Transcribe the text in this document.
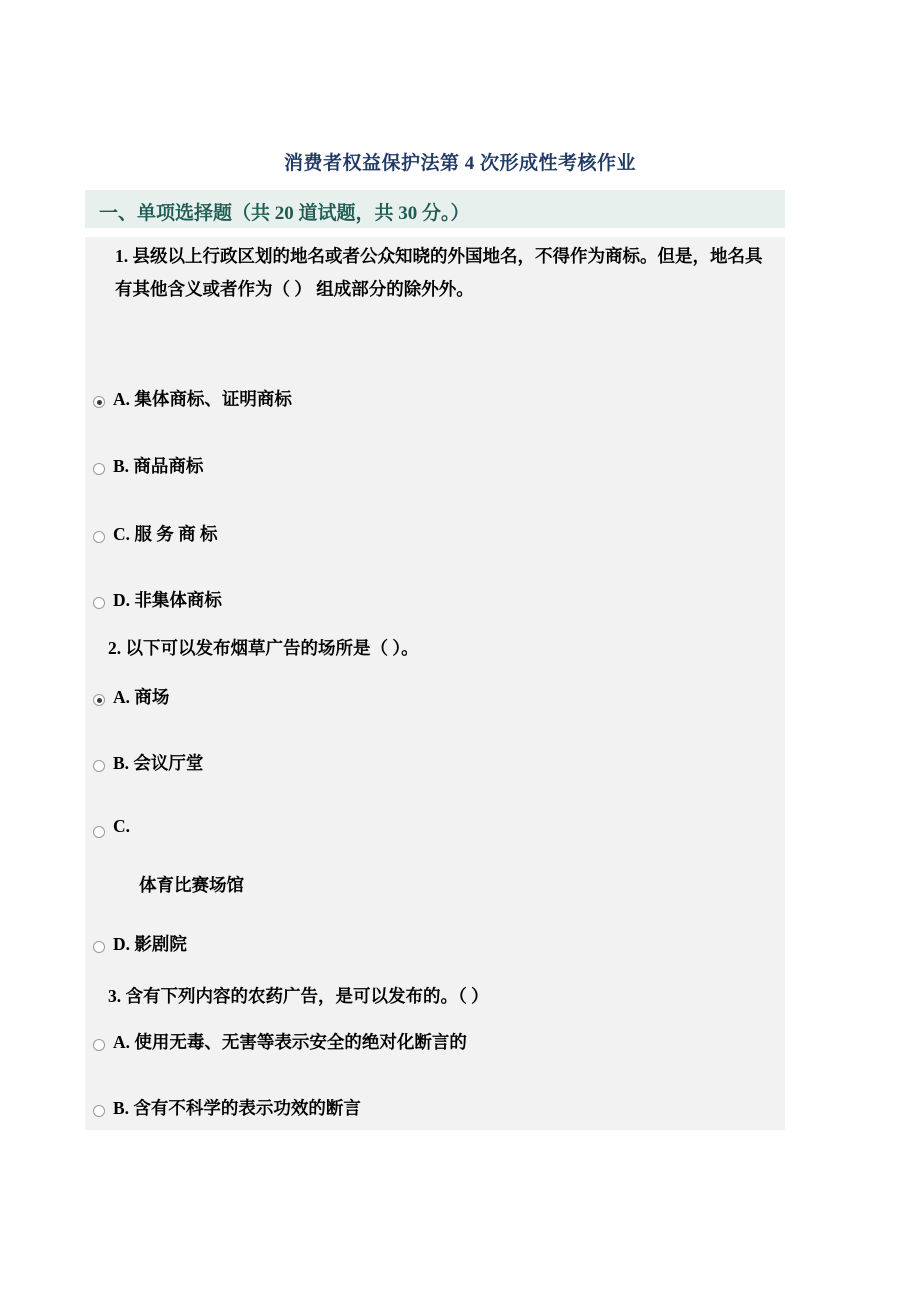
消费者权益保护法第 4 次形成性考核作业
一、单项选择题（共 20 道试题，共 30 分。）
1. 县级以上行政区划的地名或者公众知晓的外国地名，不得作为商标。但是，地名具有其他含义或者作为（ ） 组成部分的除外外。
A. 集体商标、证明商标
B. 商品商标
C. 服 务 商 标
D. 非集体商标
2. 以下可以发布烟草广告的场所是（ ）。
A. 商场
B. 会议厅堂
C.
体育比赛场馆
D. 影剧院
3. 含有下列内容的农药广告，是可以发布的。（ ）
A. 使用无毒、无害等表示安全的绝对化断言的
B. 含有不科学的表示功效的断言
